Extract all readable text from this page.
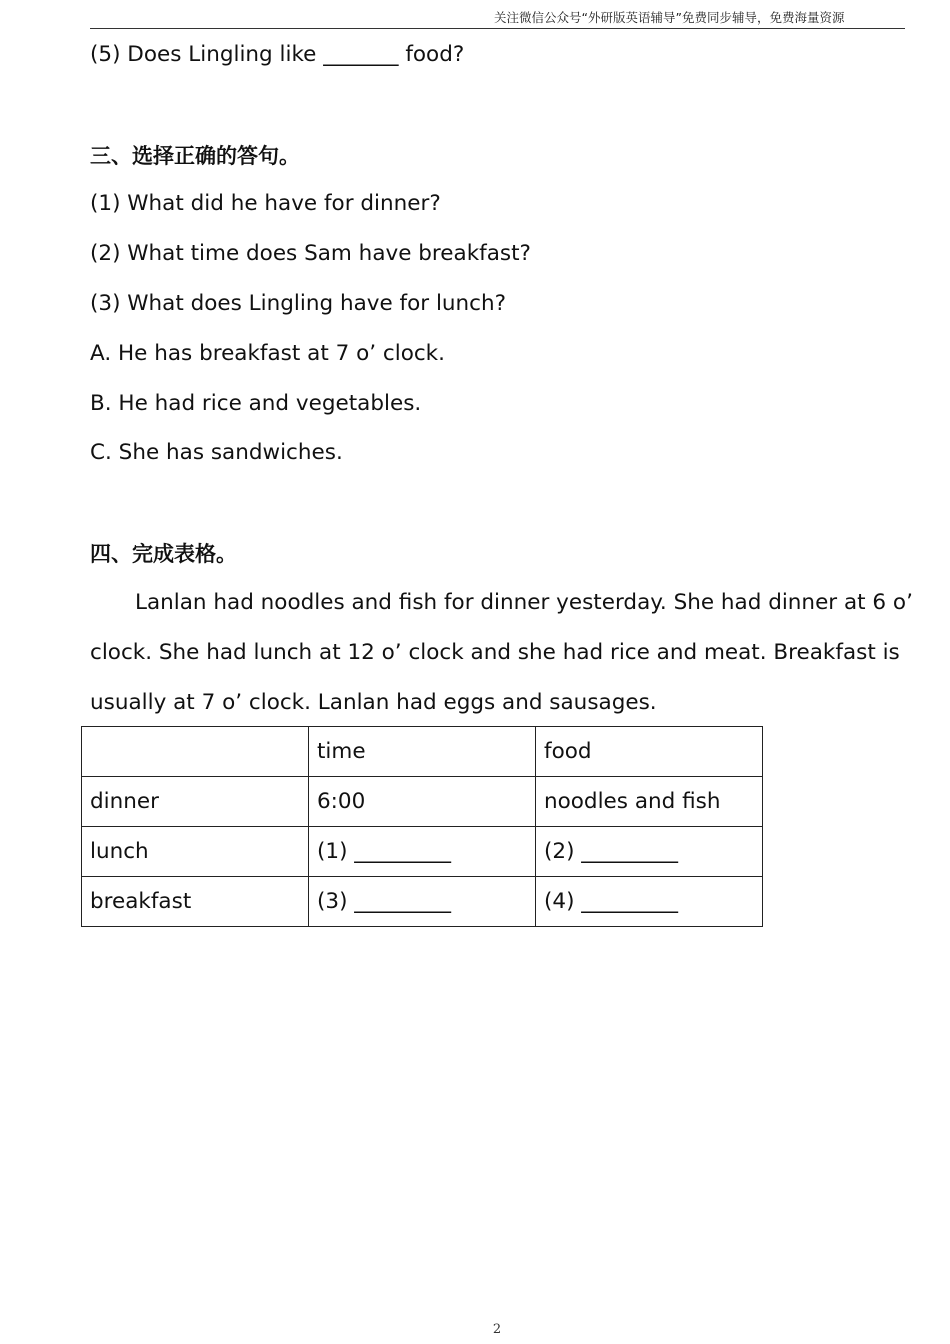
关注微信公众号“外研版英语辅导”免费同步辅导，免费海量资源
(5) Does Lingling like _______ food?
三、选择正确的答句。
(1) What did he have for dinner?
(2) What time does Sam have breakfast?
(3) What does Lingling have for lunch?
A. He has breakfast at 7 o’ clock.
B. He had rice and vegetables.
C. She has sandwiches.
四、完成表格。
Lanlan had noodles and fish for dinner yesterday. She had dinner at 6 o’
clock. She had lunch at 12 o’ clock and she had rice and meat. Breakfast is
usually at 7 o’ clock. Lanlan had eggs and sausages.
	time	food
dinner	6:00	noodles and fish
lunch	(1) _________	(2) _________
breakfast	(3) _________	(4) _________
2
